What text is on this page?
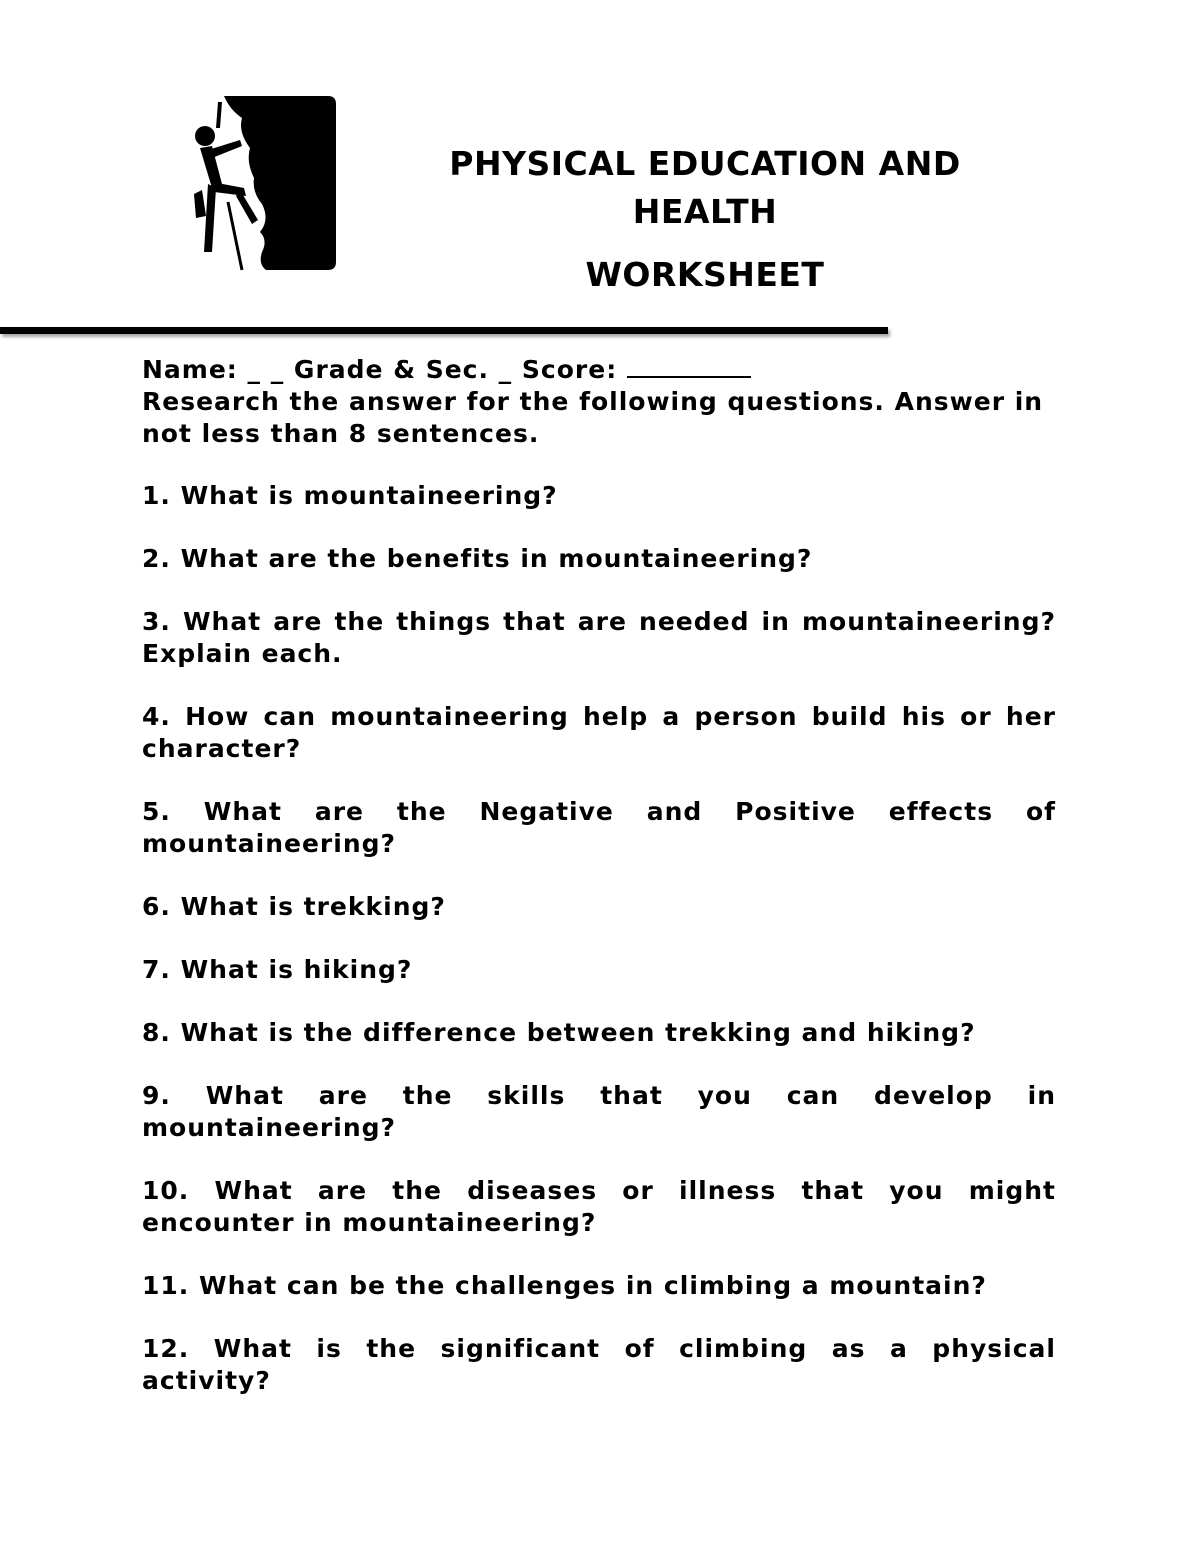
PHYSICAL EDUCATION AND HEALTH
WORKSHEET

Name: _ _ Grade & Sec. _ Score:

Research the answer for the following questions. Answer in not less than 8 sentences.

1. What is mountaineering?

2. What are the benefits in mountaineering?

3. What are the things that are needed in mountaineering? Explain each.

4. How can mountaineering help a person build his or her character?

5. What are the Negative and Positive effects of mountaineering?

6. What is trekking?

7. What is hiking?

8. What is the difference between trekking and hiking?

9. What are the skills that you can develop in mountaineering?

10. What are the diseases or illness that you might encounter in mountaineering?

11. What can be the challenges in climbing a mountain?

12. What is the significant of climbing as a physical activity?
